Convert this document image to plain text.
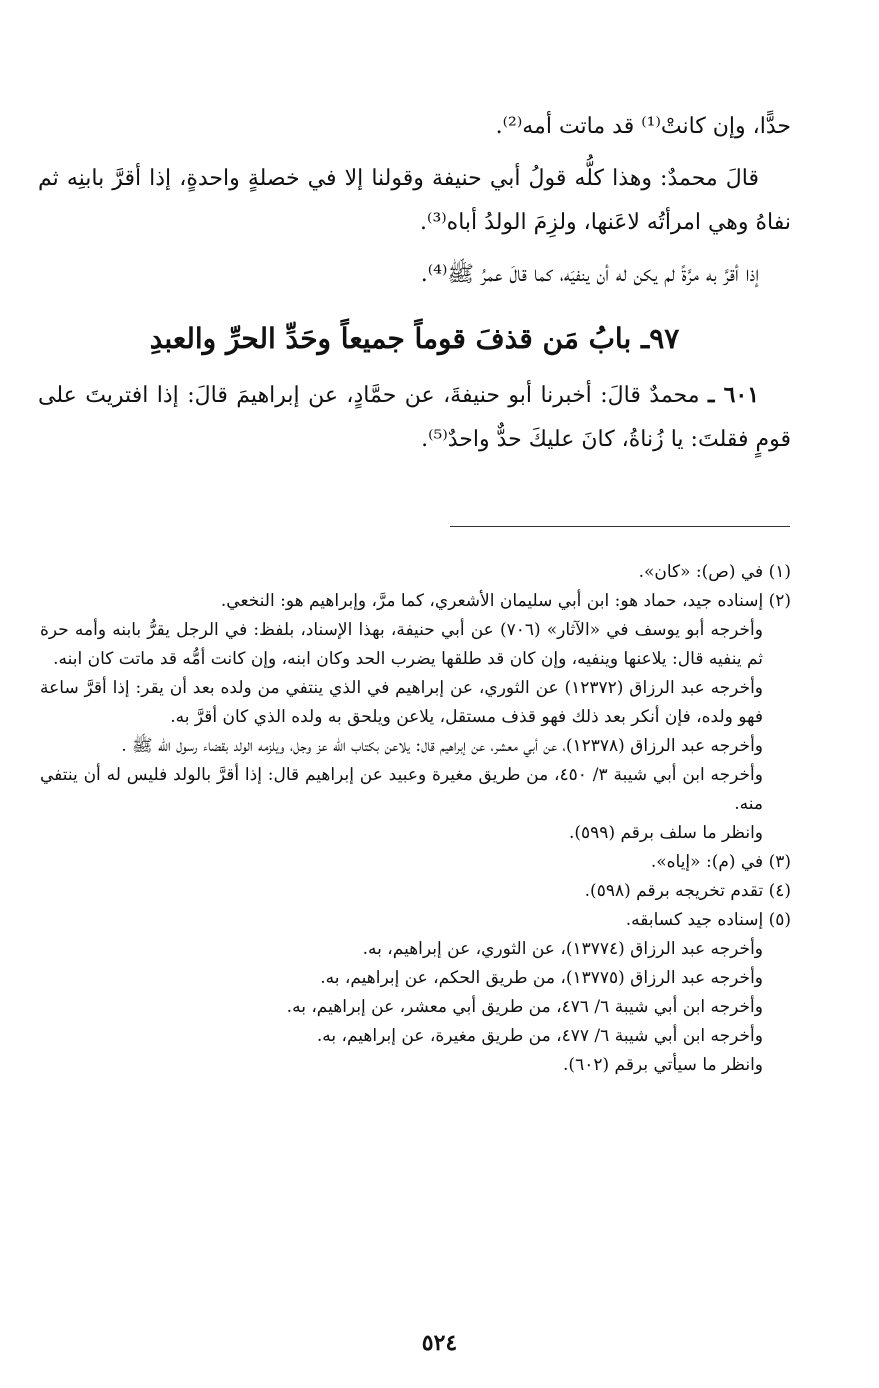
حدًّا، وإن كانتْ⁽¹⁾ قد ماتت أمه⁽²⁾.

قالَ محمدٌ: وهذا كلُّه قولُ أبي حنيفة وقولنا إلا في خصلةٍ واحدةٍ، إذا أقرَّ بابنِه ثم نفاهُ وهي امرأتُه لاعَنها، ولزِمَ الولدُ أباه⁽³⁾.

إذا أقرَّ به مرَّةً لم يكن له أن ينفيَه، كما قالَ عمرُ ﷺ⁽⁴⁾.

٩٧ـ بابُ مَن قذفَ قوماً جميعاً وحَدِّ الحرِّ والعبدِ

٦٠١ ـ محمدٌ قالَ: أخبرنا أبو حنيفةَ، عن حمَّادٍ، عن إبراهيمَ قالَ: إذا افتريتَ على قومٍ فقلتَ: يا زُناةُ، كانَ عليكَ حدٌّ واحدٌ⁽⁵⁾.

(١) في (ص): «كان».

(٢) إسناده جيد، حماد هو: ابن أبي سليمان الأشعري، كما مرَّ، وإبراهيم هو: النخعي.

وأخرجه أبو يوسف في «الآثار» (٧٠٦) عن أبي حنيفة، بهذا الإسناد، بلفظ: في الرجل يقرُّ بابنه وأمه حرة ثم ينفيه قال: يلاعنها وينفيه، وإن كان قد طلقها يضرب الحد وكان ابنه، وإن كانت أمُّه قد ماتت كان ابنه.

وأخرجه عبد الرزاق (١٢٣٧٢) عن الثوري، عن إبراهيم في الذي ينتفي من ولده بعد أن يقر: إذا أقرَّ ساعة فهو ولده، فإن أنكر بعد ذلك فهو قذف مستقل، يلاعن ويلحق به ولده الذي كان أقرَّ به.

وأخرجه عبد الرزاق (١٢٣٧٨)، عن أبي معشر، عن إبراهيم قال: يلاعن بكتاب الله عز وجل، ويلزمه الولد بقضاء رسول الله ﷺ .

وأخرجه ابن أبي شيبة ٣/ ٤٥٠، من طريق مغيرة وعبيد عن إبراهيم قال: إذا أقرَّ بالولد فليس له أن ينتفي منه.

وانظر ما سلف برقم (٥٩٩).

(٣) في (م): «إياه».

(٤) تقدم تخريجه برقم (٥٩٨).

(٥) إسناده جيد كسابقه.

وأخرجه عبد الرزاق (١٣٧٧٤)، عن الثوري، عن إبراهيم، به.

وأخرجه عبد الرزاق (١٣٧٧٥)، من طريق الحكم، عن إبراهيم، به.

وأخرجه ابن أبي شيبة ٦/ ٤٧٦، من طريق أبي معشر، عن إبراهيم، به.

وأخرجه ابن أبي شيبة ٦/ ٤٧٧، من طريق مغيرة، عن إبراهيم، به.

وانظر ما سيأتي برقم (٦٠٢).

٥٢٤
